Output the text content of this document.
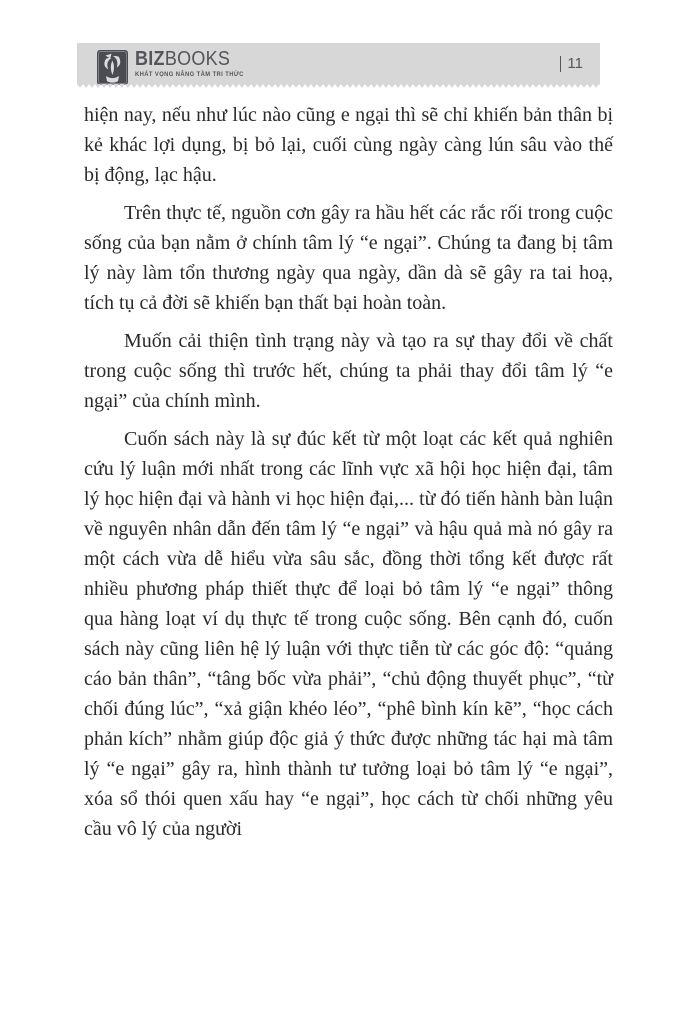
BIZBOOKS
KHÁT VỌNG NÂNG TẦM TRI THỨC
11

hiện nay, nếu như lúc nào cũng e ngại thì sẽ chỉ khiến bản thân bị kẻ khác lợi dụng, bị bỏ lại, cuối cùng ngày càng lún sâu vào thế bị động, lạc hậu.

Trên thực tế, nguồn cơn gây ra hầu hết các rắc rối trong cuộc sống của bạn nằm ở chính tâm lý “e ngại”. Chúng ta đang bị tâm lý này làm tổn thương ngày qua ngày, dần dà sẽ gây ra tai hoạ, tích tụ cả đời sẽ khiến bạn thất bại hoàn toàn.

Muốn cải thiện tình trạng này và tạo ra sự thay đổi về chất trong cuộc sống thì trước hết, chúng ta phải thay đổi tâm lý “e ngại” của chính mình.

Cuốn sách này là sự đúc kết từ một loạt các kết quả nghiên cứu lý luận mới nhất trong các lĩnh vực xã hội học hiện đại, tâm lý học hiện đại và hành vi học hiện đại,... từ đó tiến hành bàn luận về nguyên nhân dẫn đến tâm lý “e ngại” và hậu quả mà nó gây ra một cách vừa dễ hiểu vừa sâu sắc, đồng thời tổng kết được rất nhiều phương pháp thiết thực để loại bỏ tâm lý “e ngại” thông qua hàng loạt ví dụ thực tế trong cuộc sống. Bên cạnh đó, cuốn sách này cũng liên hệ lý luận với thực tiễn từ các góc độ: “quảng cáo bản thân”, “tâng bốc vừa phải”, “chủ động thuyết phục”, “từ chối đúng lúc”, “xả giận khéo léo”, “phê bình kín kẽ”, “học cách phản kích” nhằm giúp độc giả ý thức được những tác hại mà tâm lý “e ngại” gây ra, hình thành tư tưởng loại bỏ tâm lý “e ngại”, xóa sổ thói quen xấu hay “e ngại”, học cách từ chối những yêu cầu vô lý của người
